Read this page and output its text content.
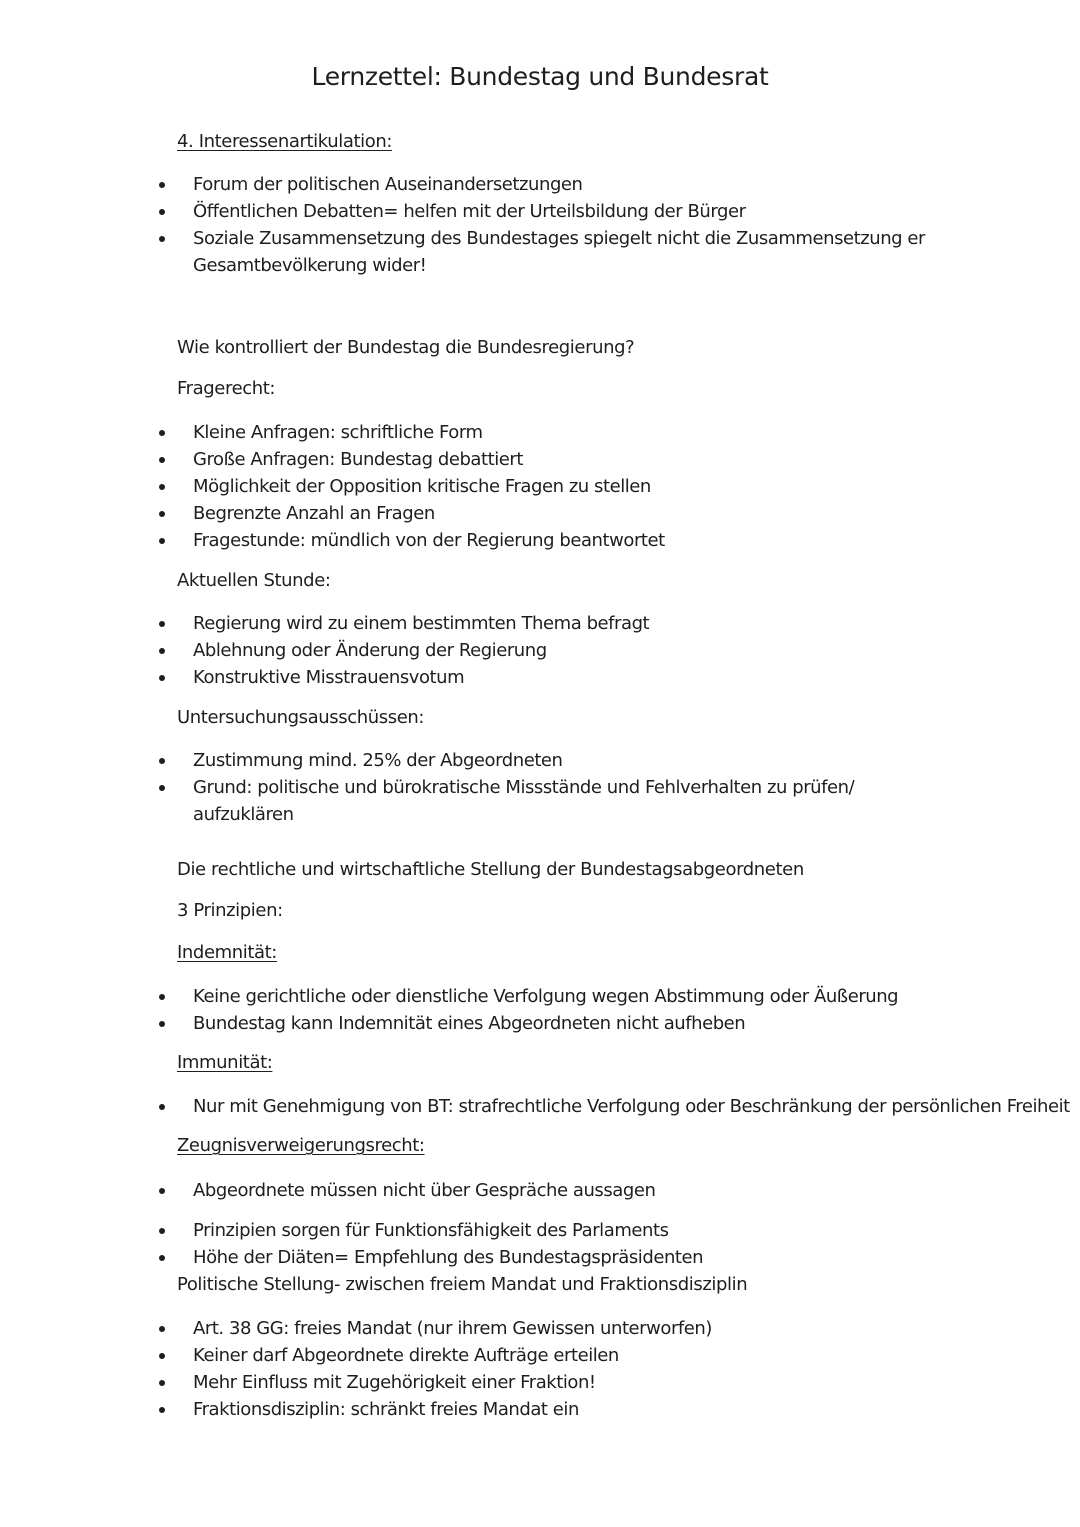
Lernzettel: Bundestag und Bundesrat
4. Interessenartikulation:
Forum der politischen Auseinandersetzungen
Öffentlichen Debatten= helfen mit der Urteilsbildung der Bürger
Soziale Zusammensetzung des Bundestages spiegelt nicht die Zusammensetzung er Gesamtbevölkerung wider!
Wie kontrolliert der Bundestag die Bundesregierung?
Fragerecht:
Kleine Anfragen: schriftliche Form
Große Anfragen: Bundestag debattiert
Möglichkeit der Opposition kritische Fragen zu stellen
Begrenzte Anzahl an Fragen
Fragestunde: mündlich von der Regierung beantwortet
Aktuellen Stunde:
Regierung wird zu einem bestimmten Thema befragt
Ablehnung oder Änderung der Regierung
Konstruktive Misstrauensvotum
Untersuchungsausschüssen:
Zustimmung mind. 25% der Abgeordneten
Grund: politische und bürokratische Missstände und Fehlverhalten zu prüfen/ aufzuklären
Die rechtliche und wirtschaftliche Stellung der Bundestagsabgeordneten
3 Prinzipien:
Indemnität:
Keine gerichtliche oder dienstliche Verfolgung wegen Abstimmung oder Äußerung
Bundestag kann Indemnität eines Abgeordneten nicht aufheben
Immunität:
Nur mit Genehmigung von BT: strafrechtliche Verfolgung oder Beschränkung der persönlichen Freiheit
Zeugnisverweigerungsrecht:
Abgeordnete müssen nicht über Gespräche aussagen
Prinzipien sorgen für Funktionsfähigkeit des Parlaments
Höhe der Diäten= Empfehlung des Bundestagspräsidenten
Politische Stellung- zwischen freiem Mandat und Fraktionsdisziplin
Art. 38 GG: freies Mandat (nur ihrem Gewissen unterworfen)
Keiner darf Abgeordnete direkte Aufträge erteilen
Mehr Einfluss mit Zugehörigkeit einer Fraktion!
Fraktionsdisziplin: schränkt freies Mandat ein
